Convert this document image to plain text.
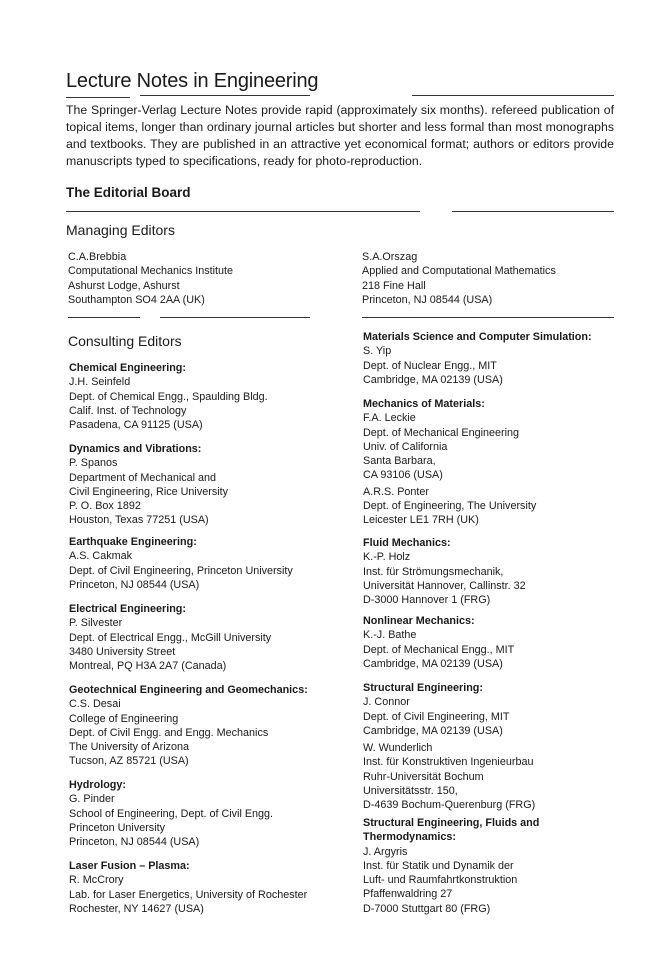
Lecture Notes in Engineering
The Springer-Verlag Lecture Notes provide rapid (approximately six months). refereed publication of topical items, longer than ordinary journal articles but shorter and less formal than most monographs and textbooks. They are published in an attractive yet economical format; authors or editors provide manuscripts typed to specifications, ready for photo-reproduction.
The Editorial Board
Managing Editors
C.A.Brebbia
Computational Mechanics Institute
Ashurst Lodge, Ashurst
Southampton SO4 2AA (UK)
S.A.Orszag
Applied and Computational Mathematics
218 Fine Hall
Princeton, NJ 08544 (USA)
Consulting Editors
Chemical Engineering:
J.H. Seinfeld
Dept. of Chemical Engg., Spaulding Bldg.
Calif. Inst. of Technology
Pasadena, CA 91125 (USA)
Dynamics and Vibrations:
P. Spanos
Department of Mechanical and
Civil Engineering, Rice University
P. O. Box 1892
Houston, Texas 77251 (USA)
Earthquake Engineering:
A.S. Cakmak
Dept. of Civil Engineering, Princeton University
Princeton, NJ 08544 (USA)
Electrical Engineering:
P. Silvester
Dept. of Electrical Engg., McGill University
3480 University Street
Montreal, PQ H3A 2A7 (Canada)
Geotechnical Engineering and Geomechanics:
C.S. Desai
College of Engineering
Dept. of Civil Engg. and Engg. Mechanics
The University of Arizona
Tucson, AZ 85721 (USA)
Hydrology:
G. Pinder
School of Engineering, Dept. of Civil Engg.
Princeton University
Princeton, NJ 08544 (USA)
Laser Fusion – Plasma:
R. McCrory
Lab. for Laser Energetics, University of Rochester
Rochester, NY 14627 (USA)
Materials Science and Computer Simulation:
S. Yip
Dept. of Nuclear Engg., MIT
Cambridge, MA 02139 (USA)
Mechanics of Materials:
F.A. Leckie
Dept. of Mechanical Engineering
Univ. of California
Santa Barbara,
CA 93106 (USA)
A.R.S. Ponter
Dept. of Engineering, The University
Leicester LE1 7RH (UK)
Fluid Mechanics:
K.-P. Holz
Inst. für Strömungsmechanik,
Universität Hannover, Callinstr. 32
D-3000 Hannover 1 (FRG)
Nonlinear Mechanics:
K.-J. Bathe
Dept. of Mechanical Engg., MIT
Cambridge, MA 02139 (USA)
Structural Engineering:
J. Connor
Dept. of Civil Engineering, MIT
Cambridge, MA 02139 (USA)
W. Wunderlich
Inst. für Konstruktiven Ingenieurbau
Ruhr-Universität Bochum
Universitätsstr. 150,
D-4639 Bochum-Querenburg (FRG)
Structural Engineering, Fluids and
Thermodynamics:
J. Argyris
Inst. für Statik und Dynamik der
Luft- und Raumfahrtkonstruktion
Pfaffenwaldring 27
D-7000 Stuttgart 80 (FRG)
